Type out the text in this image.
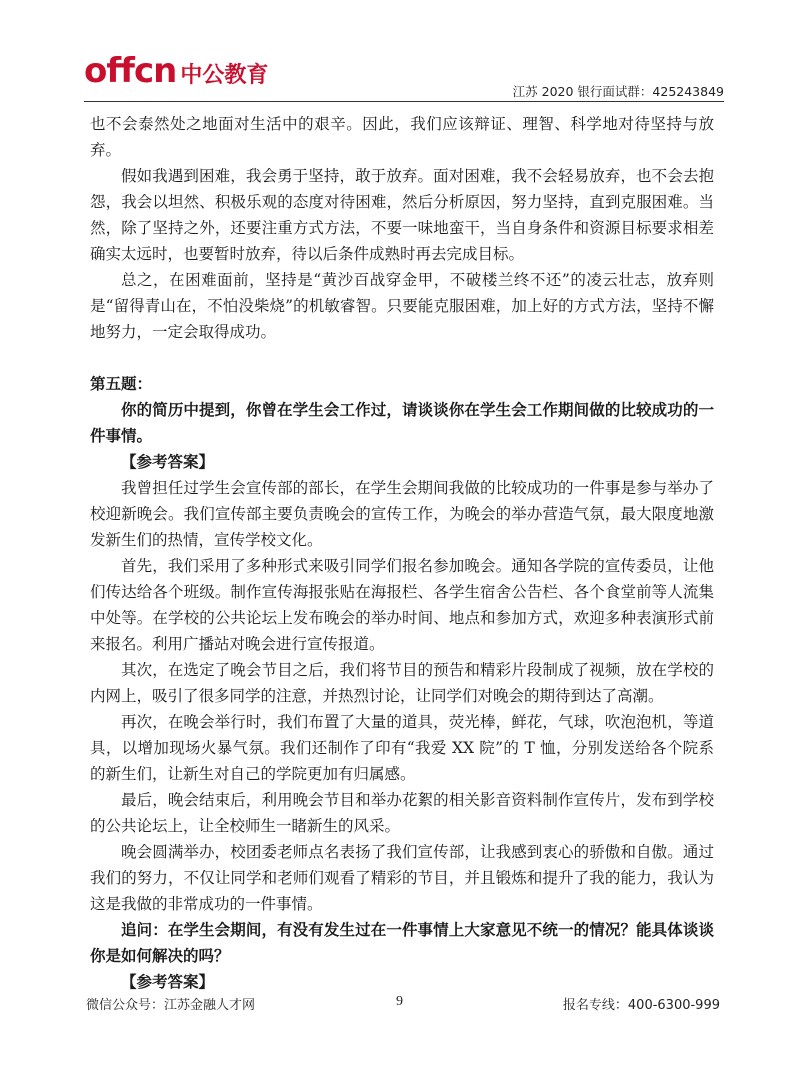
offcn 中公教育
江苏 2020 银行面试群：425243849

也不会泰然处之地面对生活中的艰辛。因此，我们应该辩证、理智、科学地对待坚持与放弃。

假如我遇到困难，我会勇于坚持，敢于放弃。面对困难，我不会轻易放弃，也不会去抱怨，我会以坦然、积极乐观的态度对待困难，然后分析原因，努力坚持，直到克服困难。当然，除了坚持之外，还要注重方式方法，不要一味地蛮干，当自身条件和资源目标要求相差确实太远时，也要暂时放弃，待以后条件成熟时再去完成目标。

总之，在困难面前，坚持是“黄沙百战穿金甲，不破楼兰终不还”的凌云壮志，放弃则是“留得青山在，不怕没柴烧”的机敏睿智。只要能克服困难，加上好的方式方法，坚持不懈地努力，一定会取得成功。

第五题：

你的简历中提到，你曾在学生会工作过，请谈谈你在学生会工作期间做的比较成功的一件事情。

【参考答案】

我曾担任过学生会宣传部的部长，在学生会期间我做的比较成功的一件事是参与举办了校迎新晚会。我们宣传部主要负责晚会的宣传工作，为晚会的举办营造气氛，最大限度地激发新生们的热情，宣传学校文化。

首先，我们采用了多种形式来吸引同学们报名参加晚会。通知各学院的宣传委员，让他们传达给各个班级。制作宣传海报张贴在海报栏、各学生宿舍公告栏、各个食堂前等人流集中处等。在学校的公共论坛上发布晚会的举办时间、地点和参加方式，欢迎多种表演形式前来报名。利用广播站对晚会进行宣传报道。

其次，在选定了晚会节目之后，我们将节目的预告和精彩片段制成了视频，放在学校的内网上，吸引了很多同学的注意，并热烈讨论，让同学们对晚会的期待到达了高潮。

再次，在晚会举行时，我们布置了大量的道具，荧光棒，鲜花，气球，吹泡泡机，等道具，以增加现场火暴气氛。我们还制作了印有“我爱 XX 院”的 T 恤，分别发送给各个院系的新生们，让新生对自己的学院更加有归属感。

最后，晚会结束后，利用晚会节目和举办花絮的相关影音资料制作宣传片，发布到学校的公共论坛上，让全校师生一睹新生的风采。

晚会圆满举办，校团委老师点名表扬了我们宣传部，让我感到衷心的骄傲和自傲。通过我们的努力，不仅让同学和老师们观看了精彩的节目，并且锻炼和提升了我的能力，我认为这是我做的非常成功的一件事情。

追问：在学生会期间，有没有发生过在一件事情上大家意见不统一的情况？能具体谈谈你是如何解决的吗？

【参考答案】

微信公众号：江苏金融人才网	9	报名专线：400-6300-999
